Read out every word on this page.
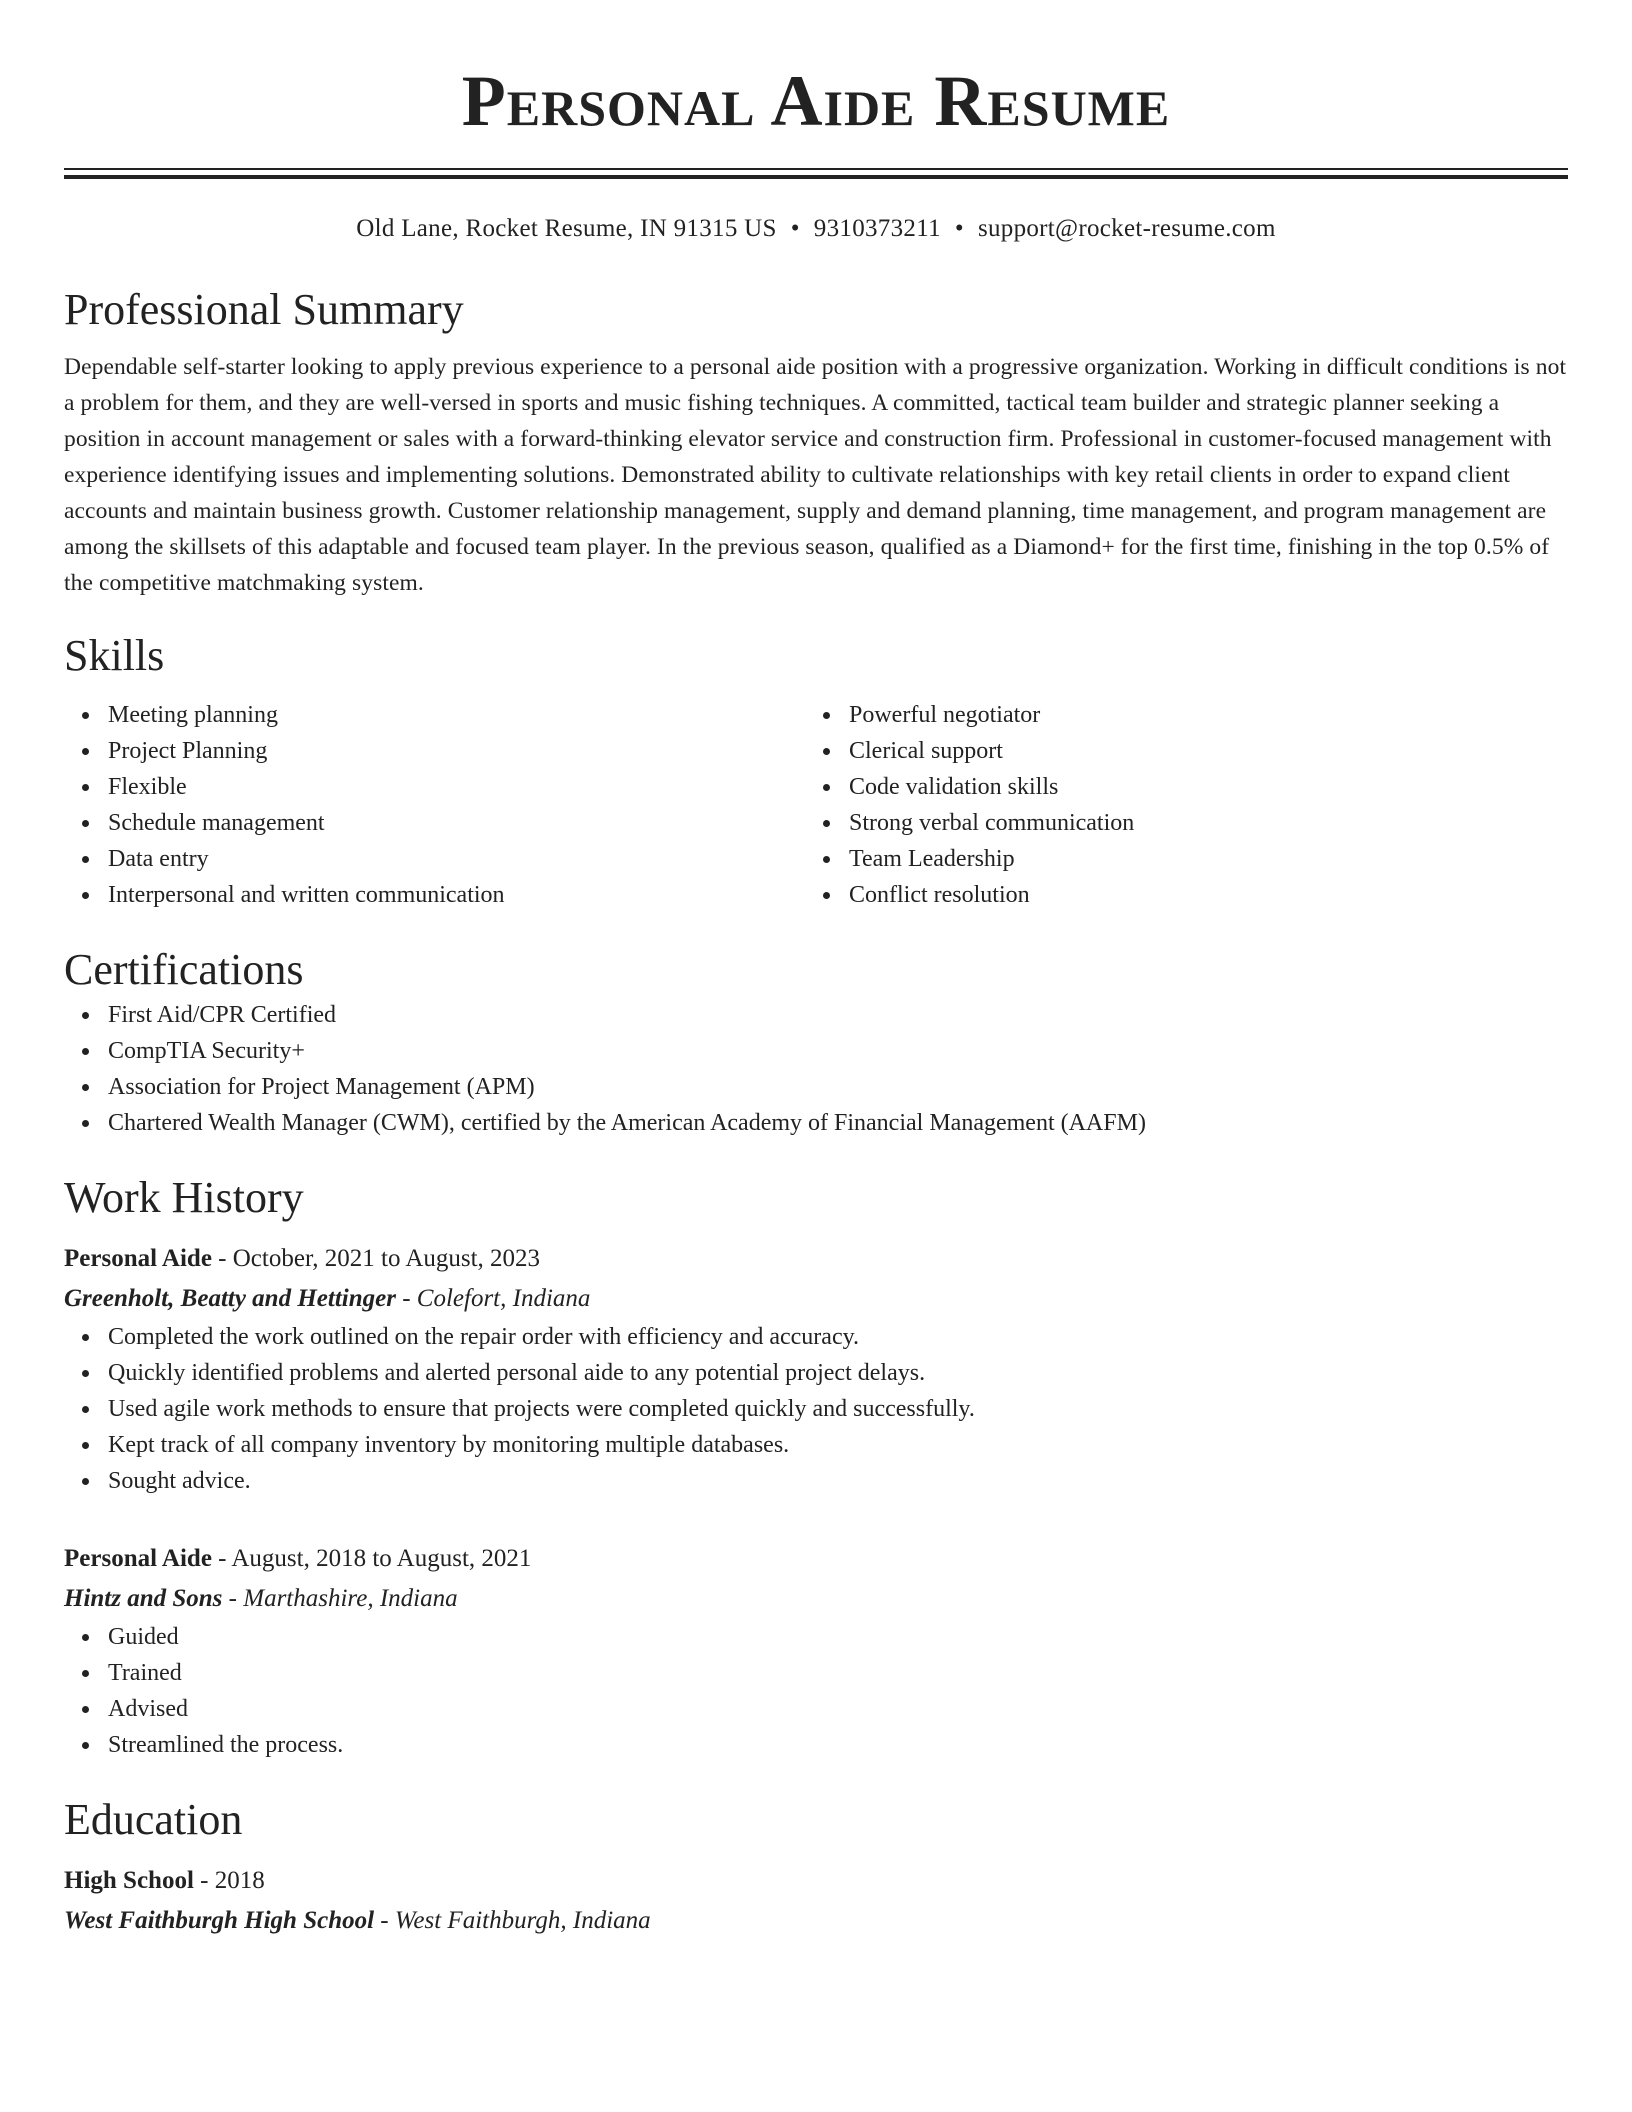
Personal Aide Resume
Old Lane, Rocket Resume, IN 91315 US • 9310373211 • support@rocket-resume.com
Professional Summary

Dependable self-starter looking to apply previous experience to a personal aide position with a progressive organization. Working in difficult conditions is not a problem for them, and they are well-versed in sports and music fishing techniques. A committed, tactical team builder and strategic planner seeking a position in account management or sales with a forward-thinking elevator service and construction firm. Professional in customer-focused management with experience identifying issues and implementing solutions. Demonstrated ability to cultivate relationships with key retail clients in order to expand client accounts and maintain business growth. Customer relationship management, supply and demand planning, time management, and program management are among the skillsets of this adaptable and focused team player. In the previous season, qualified as a Diamond+ for the first time, finishing in the top 0.5% of the competitive matchmaking system.

Skills
Meeting planning
Project Planning
Flexible
Schedule management
Data entry
Interpersonal and written communication
Powerful negotiator
Clerical support
Code validation skills
Strong verbal communication
Team Leadership
Conflict resolution
Certifications
First Aid/CPR Certified
CompTIA Security+
Association for Project Management (APM)
Chartered Wealth Manager (CWM), certified by the American Academy of Financial Management (AAFM)
Work History
Personal Aide - October, 2021 to August, 2023
Greenholt, Beatty and Hettinger - Colefort, Indiana
Completed the work outlined on the repair order with efficiency and accuracy.
Quickly identified problems and alerted personal aide to any potential project delays.
Used agile work methods to ensure that projects were completed quickly and successfully.
Kept track of all company inventory by monitoring multiple databases.
Sought advice.
Personal Aide - August, 2018 to August, 2021
Hintz and Sons - Marthashire, Indiana
Guided
Trained
Advised
Streamlined the process.
Education
High School - 2018
West Faithburgh High School - West Faithburgh, Indiana
